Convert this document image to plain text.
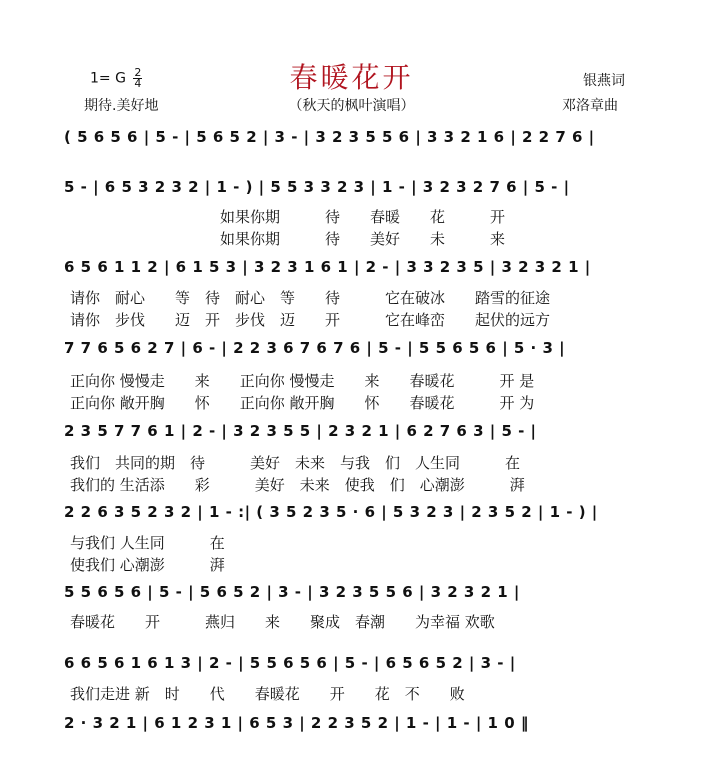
春暖花开
1= G $\frac{2}{4}$
期待.美好地	（秋天的枫叶演唱）
银燕词
邓洛章曲
( 5 6 5 6 | 5 - | 5 6 5 2 | 3 - | 3 2 3 5 5 6 | 3 3 2 1 6 | 2 2 7 6 |
5 - | 6 5 3 2 3 2 | 1 - ) | 5 5 3 3 2 3 | 1 - | 3 2 3 2 7 6 | 5 - |
　　　　　　　　　　如果你期　　　待　　春暖　　花　　　开
　　　　　　　　　　如果你期　　　待　　美好　　未　　　来
6 5 6 1 1 2 | 6 1 5 3 | 3 2 3 1 6 1 | 2 - | 3 3 2 3 5 | 3 2 3 2 1 |
请你　耐心　　等　待　耐心　等　　待　　　它在破冰　　踏雪的征途
请你　步伐　　迈　开　步伐　迈　　开　　　它在峰峦　　起伏的远方
7 7 6 5 6 2 7 | 6 - | 2 2 3 6 7 6 7 6 | 5 - | 5 5 6 5 6 | 5 · 3 |
正向你 慢慢走　　来　　正向你 慢慢走　　来　　春暖花　　　开 是
正向你 敞开胸　　怀　　正向你 敞开胸　　怀　　春暖花　　　开 为
2 3 5 7 7 6 1 | 2 - | 3 2 3 5 5 | 2 3 2 1 | 6 2 7 6 3 | 5 - |
我们　共同的期　待　　　美好　未来　与我　们　人生同　　　在
我们的 生活添　　彩　　　美好　未来　使我　们　心潮澎　　　湃
2 2 6 3 5 2 3 2 | 1 - :| ( 3 5 2 3 5 · 6 | 5 3 2 3 | 2 3 5 2 | 1 - ) |
与我们 人生同　　　在
使我们 心潮澎　　　湃
5 5 6 5 6 | 5 - | 5 6 5 2 | 3 - | 3 2 3 5 5 6 | 3 2 3 2 1 |
春暖花　　开　　　燕归　　来　　聚成　春潮　　为幸福 欢歌
6 6 5 6 1 6 1 3 | 2 - | 5 5 6 5 6 | 5 - | 6 5 6 5 2 | 3 - |
我们走进 新　时　　代　　春暖花　　开　　花　不　　败
2 · 3 2 1 | 6 1 2 3 1 | 6 5 3 | 2 2 3 5 2 | 1 - | 1 - | 1 0 ‖
